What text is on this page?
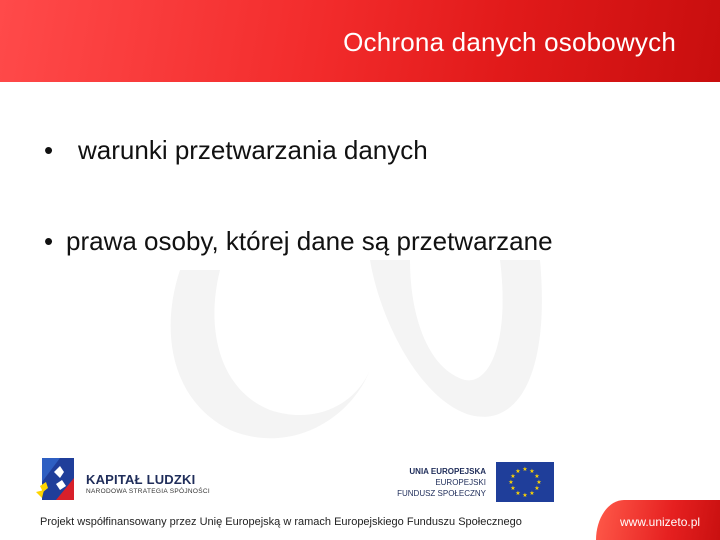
Ochrona danych osobowych
• warunki przetwarzania danych
• prawa osoby, której dane są przetwarzane
KAPITAŁ LUDZKI
NARODOWA STRATEGIA SPÓJNOŚCI
UNIA EUROPEJSKA
EUROPEJSKI
FUNDUSZ SPOŁECZNY
★ ★
★
★
★
★
★
★
★
★
★
★
Projekt współfinansowany przez Unię Europejską w ramach Europejskiego Funduszu Społecznego	www.unizeto.pl
